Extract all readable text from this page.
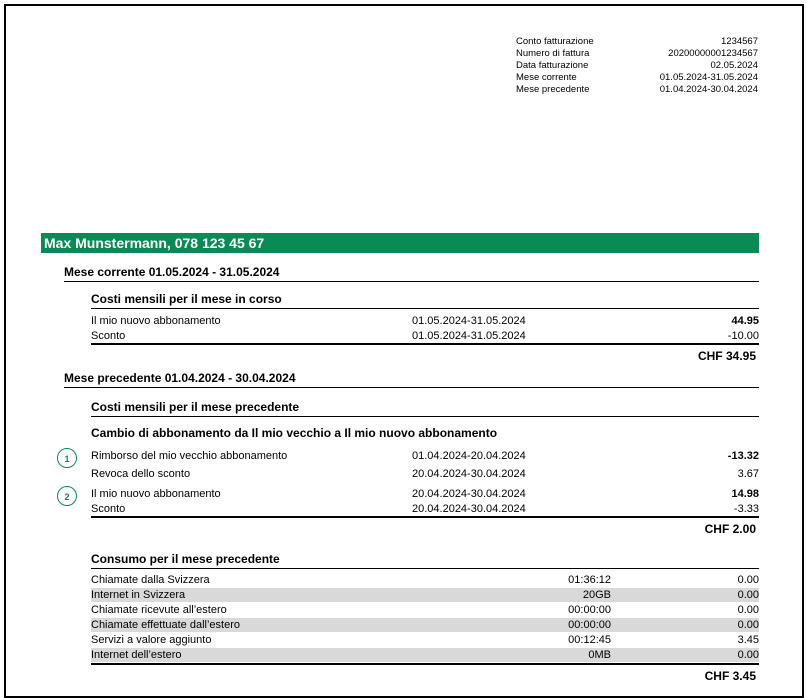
Conto fatturazione	1234567
Numero di fattura	20200000001234567
Data fatturazione	02.05.2024
Mese corrente	01.05.2024-31.05.2024
Mese precedente	01.04.2024-30.04.2024
Max Munstermann, 078 123 45 67
Mese corrente 01.05.2024 - 31.05.2024
Costi mensili per il mese in corso
Il mio nuovo abbonamento	01.05.2024-31.05.2024	44.95
Sconto	01.05.2024-31.05.2024	-10.00
CHF 34.95
Mese precedente 01.04.2024 - 30.04.2024
Costi mensili per il mese precedente
Cambio di abbonamento da Il mio vecchio a Il mio nuovo abbonamento
1
2
Rimborso del mio vecchio abbonamento	01.04.2024-20.04.2024	-13.32
Revoca dello sconto	20.04.2024-30.04.2024	3.67
Il mio nuovo abbonamento	20.04.2024-30.04.2024	14.98
Sconto	20.04.2024-30.04.2024	-3.33
CHF 2.00
Consumo per il mese precedente
Chiamate dalla Svizzera	01:36:12	0.00
Internet in Svizzera	20GB	0.00
Chiamate ricevute all’estero	00:00:00	0.00
Chiamate effettuate dall’estero	00:00:00	0.00
Servizi a valore aggiunto	00:12:45	3.45
Internet dell’estero	0MB	0.00
CHF 3.45
